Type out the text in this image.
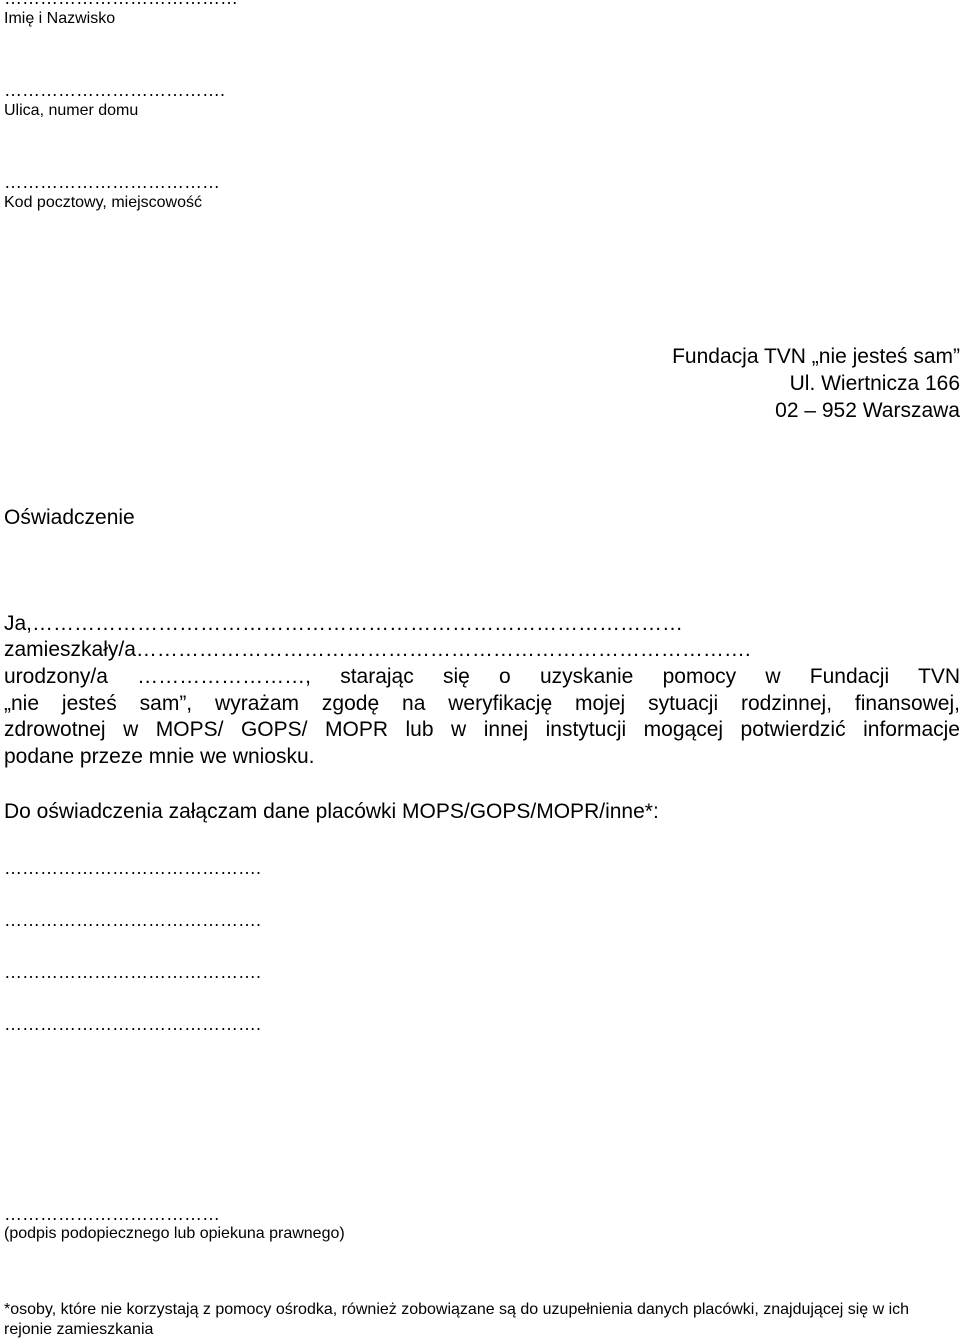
Imię i Nazwisko
……………………………….
Ulica, numer domu
………………………………
Kod pocztowy, miejscowość
Fundacja TVN „nie jesteś sam”
Ul. Wiertnicza 166
02 – 952 Warszawa
Oświadczenie
Ja,…………………………………………………………………………………
zamieszkały/a…………………………………………………………………………….
urodzony/a ……………………, starając się o uzyskanie pomocy w Fundacji TVN
„nie jesteś sam”, wyrażam zgodę na weryfikację mojej sytuacji rodzinnej, finansowej,
zdrowotnej w MOPS/ GOPS/ MOPR lub w innej instytucji mogącej potwierdzić informacje
podane przeze mnie we wniosku.
Do oświadczenia załączam dane placówki MOPS/GOPS/MOPR/inne*:
…………………………………….
…………………………………….
…………………………………….
…………………………………….
………………………………
(podpis podopiecznego lub opiekuna prawnego)
*osoby, które nie korzystają z pomocy ośrodka, również zobowiązane są do uzupełnienia danych placówki, znajdującej się w ich rejonie zamieszkania
